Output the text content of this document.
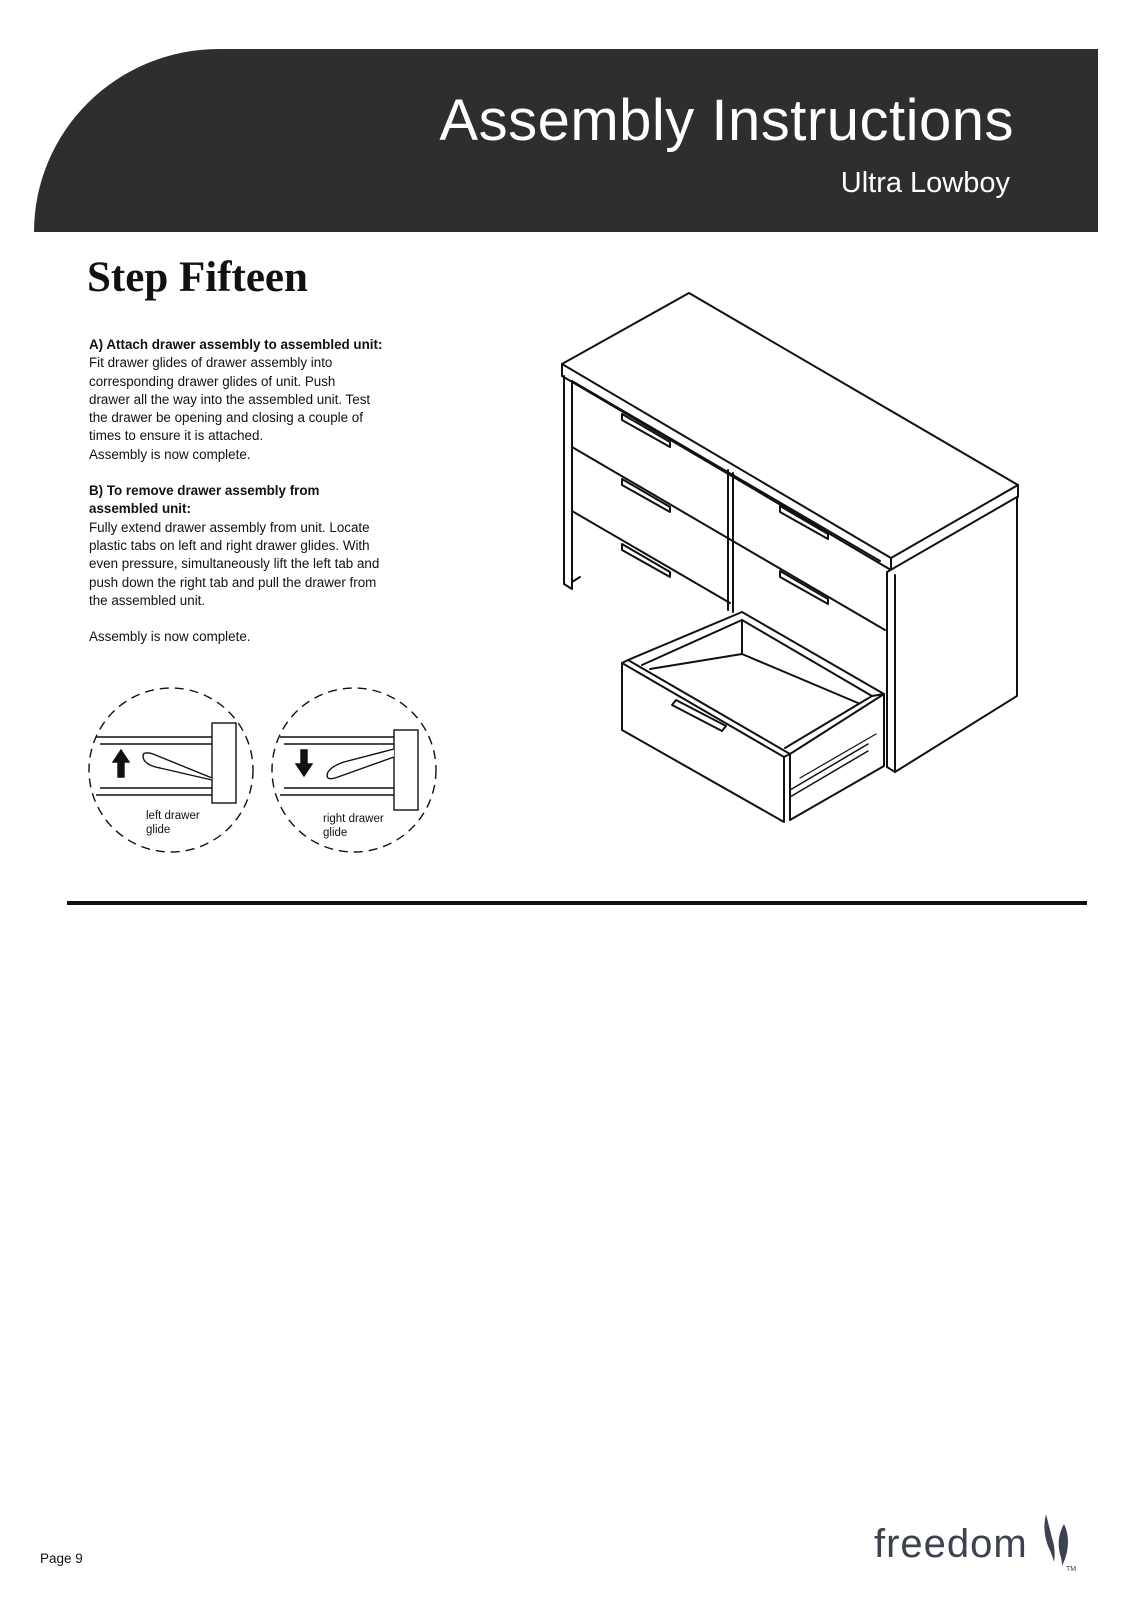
Assembly Instructions
Ultra Lowboy
Step Fifteen

A) Attach drawer assembly to assembled unit:

Fit drawer glides of drawer assembly into

corresponding drawer glides of unit. Push

drawer all the way into the assembled unit. Test

the drawer be opening and closing a couple of

times to ensure it is attached.

Assembly is now complete.

B) To remove drawer assembly from

assembled unit:

Fully extend drawer assembly from unit. Locate

plastic tabs on left and right drawer glides. With

even pressure, simultaneously lift the left tab and

push down the right tab and pull the drawer from

the assembled unit.

Assembly is now complete.

left drawer
glide
right drawer
glide
Page 9	freedom
TM
